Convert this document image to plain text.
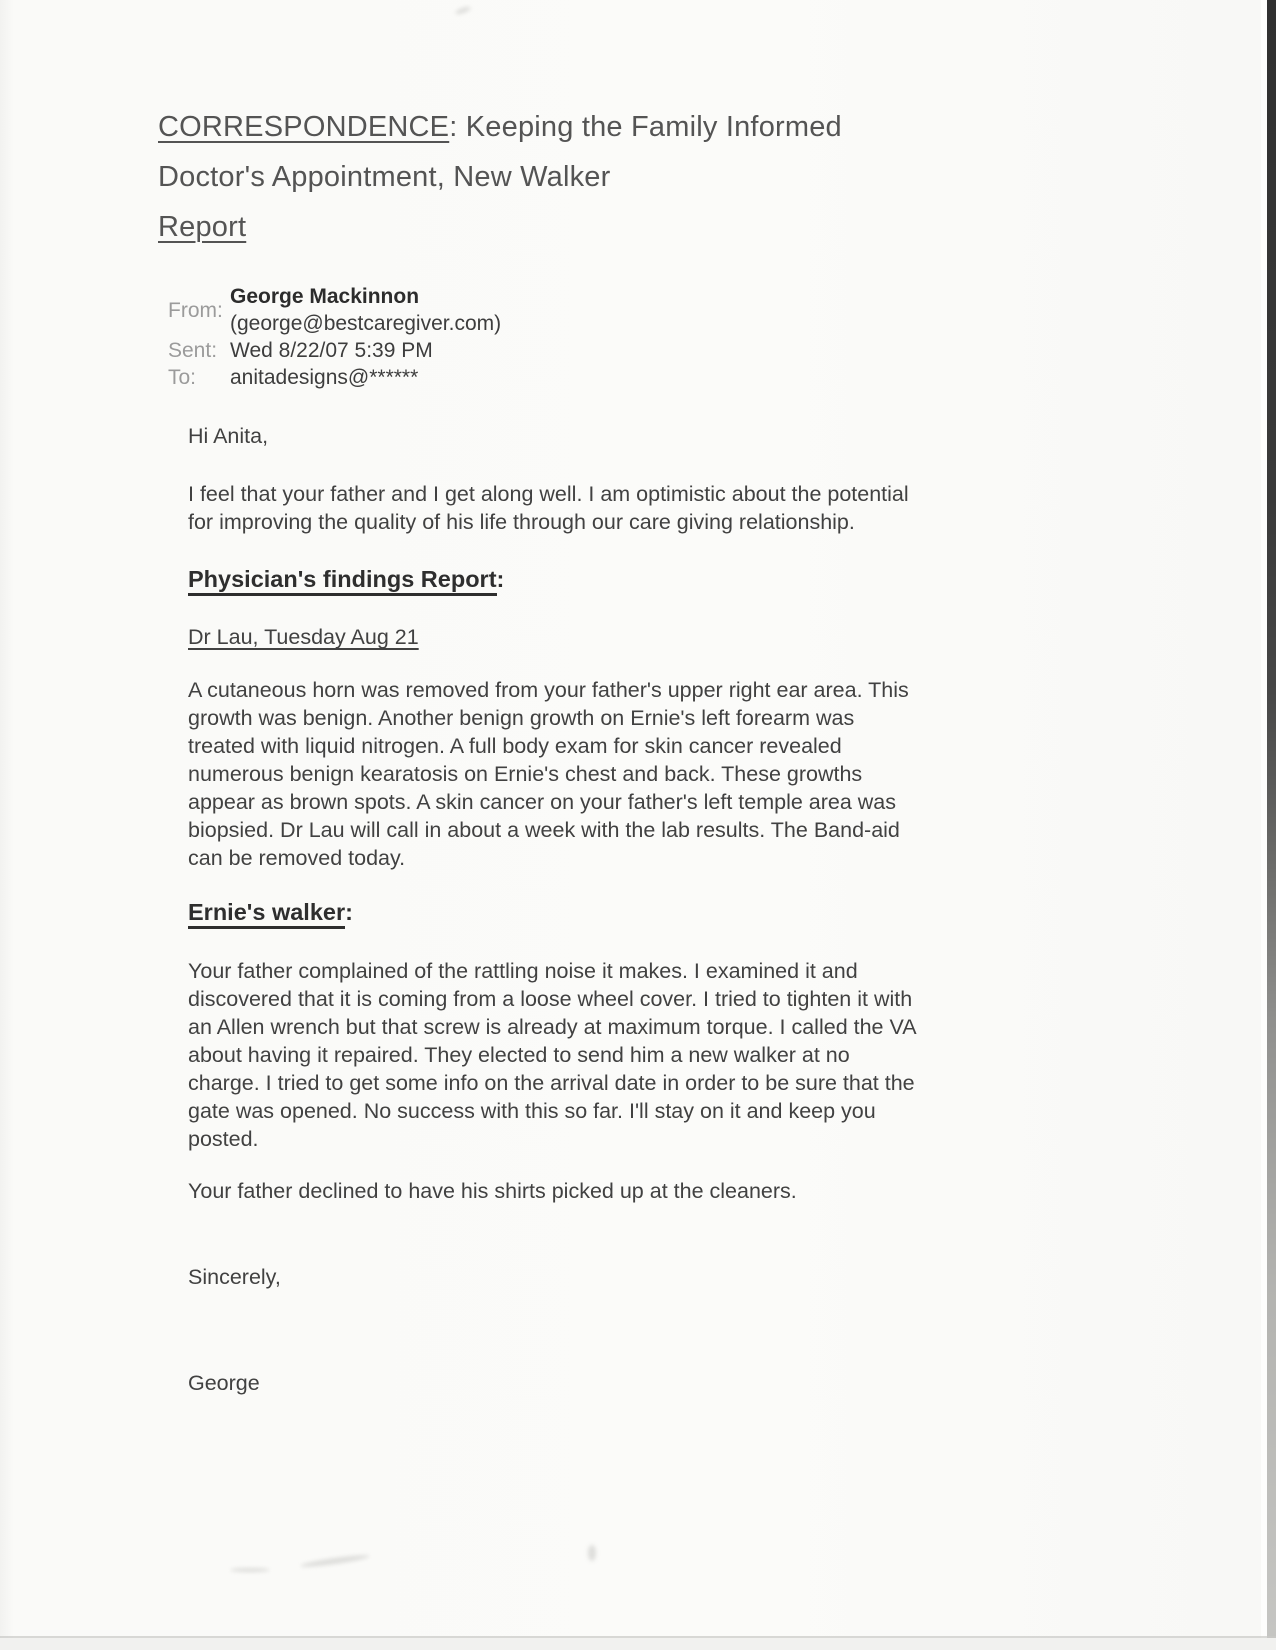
CORRESPONDENCE: Keeping the Family Informed
Doctor's Appointment, New Walker
Report
From:
George Mackinnon
(george@bestcaregiver.com)
Sent: Wed 8/22/07 5:39 PM
To:	anitadesigns@******

Hi Anita,

I feel that your father and I get along well. I am optimistic about the potential
for improving the quality of his life through our care giving relationship.

Physician's findings Report:

Dr Lau, Tuesday Aug 21

A cutaneous horn was removed from your father's upper right ear area. This
growth was benign. Another benign growth on Ernie's left forearm was
treated with liquid nitrogen. A full body exam for skin cancer revealed
numerous benign kearatosis on Ernie's chest and back. These growths
appear as brown spots. A skin cancer on your father's left temple area was
biopsied. Dr Lau will call in about a week with the lab results. The Band-aid
can be removed today.

Ernie's walker:

Your father complained of the rattling noise it makes. I examined it and
discovered that it is coming from a loose wheel cover. I tried to tighten it with
an Allen wrench but that screw is already at maximum torque. I called the VA
about having it repaired. They elected to send him a new walker at no
charge. I tried to get some info on the arrival date in order to be sure that the
gate was opened. No success with this so far. I'll stay on it and keep you
posted.

Your father declined to have his shirts picked up at the cleaners.

Sincerely,

George
